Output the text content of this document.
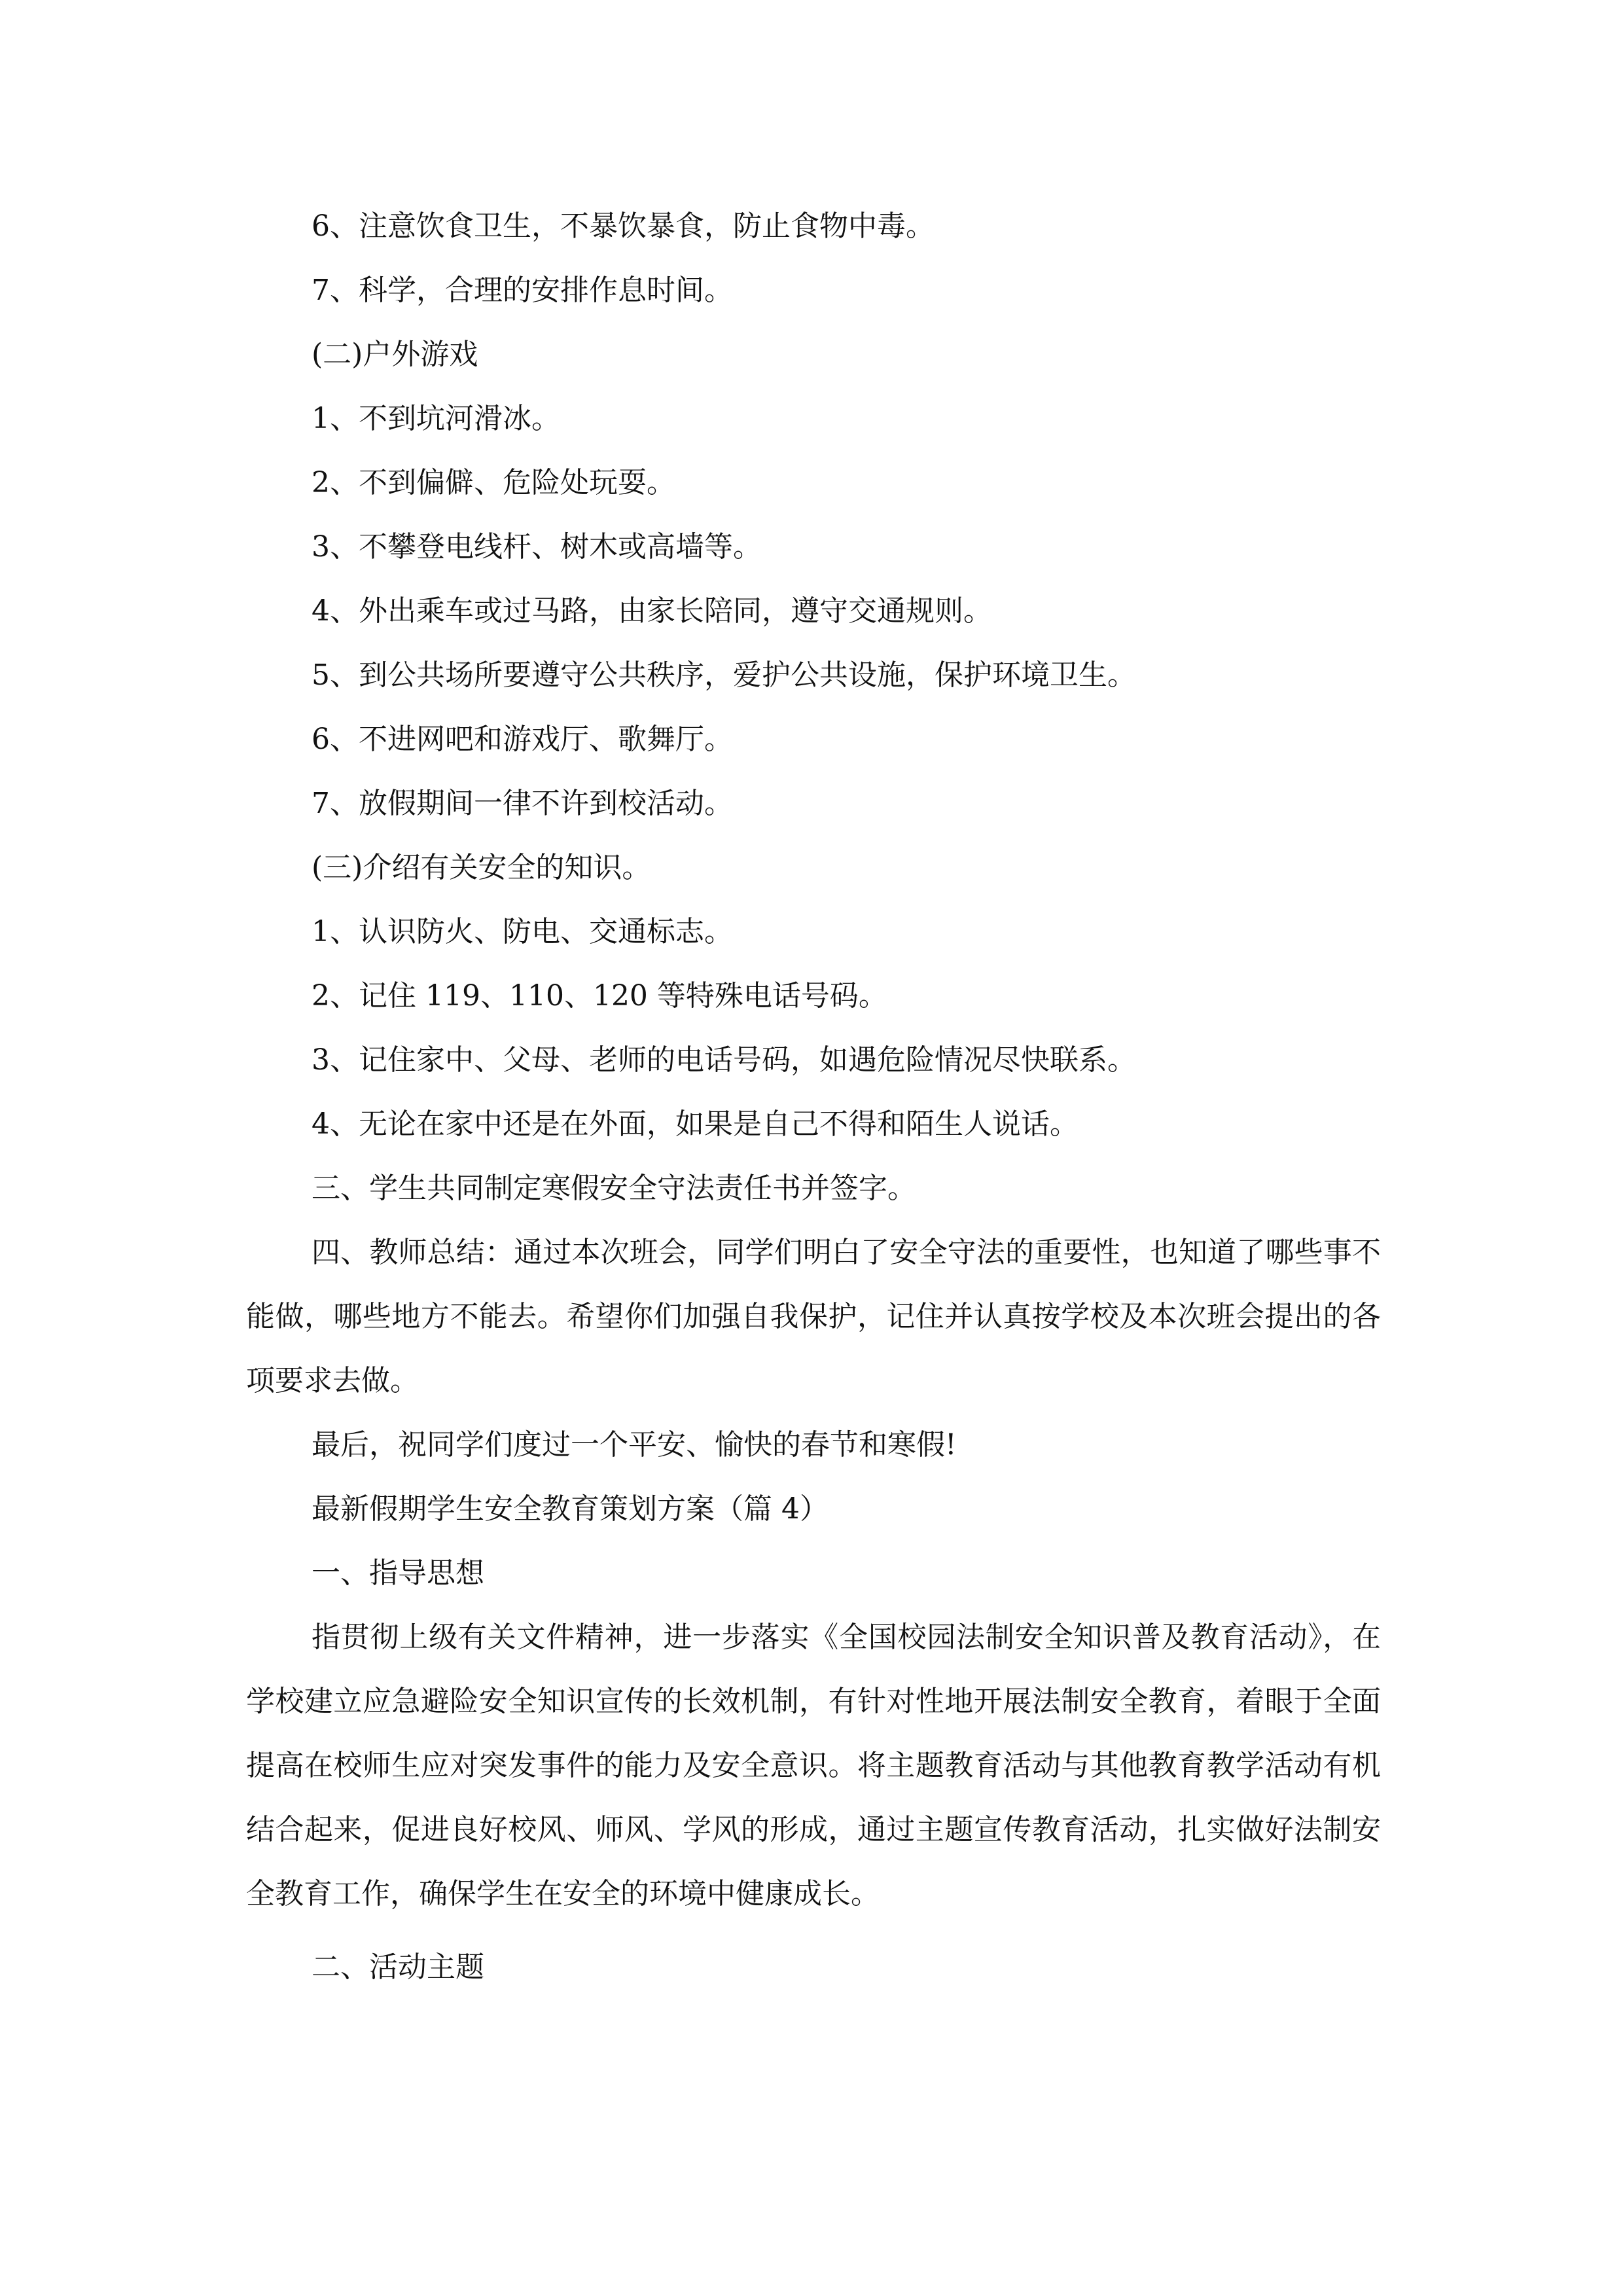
6、注意饮食卫生，不暴饮暴食，防止食物中毒。
7、科学，合理的安排作息时间。
(二)户外游戏
1、不到坑河滑冰。
2、不到偏僻、危险处玩耍。
3、不攀登电线杆、树木或高墙等。
4、外出乘车或过马路，由家长陪同，遵守交通规则。
5、到公共场所要遵守公共秩序，爱护公共设施，保护环境卫生。
6、不进网吧和游戏厅、歌舞厅。
7、放假期间一律不许到校活动。
(三)介绍有关安全的知识。
1、认识防火、防电、交通标志。
2、记住 119、110、120 等特殊电话号码。
3、记住家中、父母、老师的电话号码，如遇危险情况尽快联系。
4、无论在家中还是在外面，如果是自己不得和陌生人说话。
三、学生共同制定寒假安全守法责任书并签字。

四、教师总结：通过本次班会，同学们明白了安全守法的重要性，也知道了哪些事不能做，哪些地方不能去。希望你们加强自我保护，记住并认真按学校及本次班会提出的各项要求去做。

最后，祝同学们度过一个平安、愉快的春节和寒假!
最新假期学生安全教育策划方案（篇 4）
一、指导思想

指贯彻上级有关文件精神，进一步落实《全国校园法制安全知识普及教育活动》，在学校建立应急避险安全知识宣传的长效机制，有针对性地开展法制安全教育，着眼于全面提高在校师生应对突发事件的能力及安全意识。将主题教育活动与其他教育教学活动有机结合起来，促进良好校风、师风、学风的形成，通过主题宣传教育活动，扎实做好法制安全教育工作，确保学生在安全的环境中健康成长。

二、活动主题
